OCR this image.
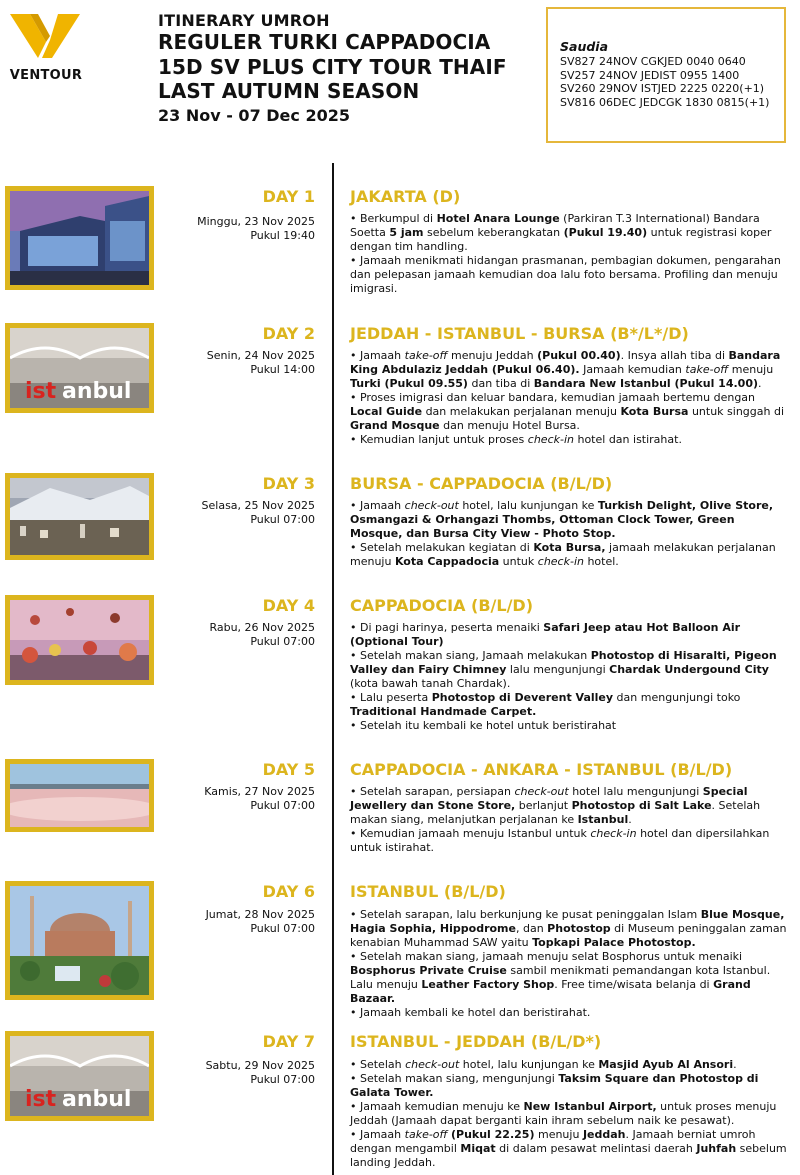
VENTOUR
ITINERARY UMROH
REGULER TURKI CAPPADOCIA
15D SV PLUS CITY TOUR THAIF
LAST AUTUMN SEASON
23 Nov - 07 Dec 2025
Saudia
SV827 24NOV CGKJED 0040 0640
SV257 24NOV JEDIST 0955 1400
SV260 29NOV ISTJED 2225 0220(+1)
SV816 06DEC JEDCGK 1830 0815(+1)
DAY 1
Minggu, 23 Nov 2025
Pukul 19:40
JAKARTA (D)

• Berkumpul di Hotel Anara Lounge (Parkiran T.3 International) Bandara Soetta 5 jam sebelum keberangkatan (Pukul 19.40) untuk registrasi koper dengan tim handling.

• Jamaah menikmati hidangan prasmanan, pembagian dokumen, pengarahan dan pelepasan jamaah kemudian doa lalu foto bersama. Profiling dan menuju imigrasi.

ist anbul
DAY 2
Senin, 24 Nov 2025
Pukul 14:00
JEDDAH - ISTANBUL - BURSA (B*/L*/D)

• Jamaah take-off menuju Jeddah (Pukul 00.40). Insya allah tiba di Bandara King Abdulaziz Jeddah (Pukul 06.40). Jamaah kemudian take-off menuju Turki (Pukul 09.55) dan tiba di Bandara New Istanbul (Pukul 14.00).

• Proses imigrasi dan keluar bandara, kemudian jamaah bertemu dengan Local Guide dan melakukan perjalanan menuju Kota Bursa untuk singgah di Grand Mosque dan menuju Hotel Bursa.

• Kemudian lanjut untuk proses check-in hotel dan istirahat.

DAY 3
Selasa, 25 Nov 2025
Pukul 07:00
BURSA - CAPPADOCIA (B/L/D)

• Jamaah check-out hotel, lalu kunjungan ke Turkish Delight, Olive Store, Osmangazi & Orhangazi Thombs, Ottoman Clock Tower, Green Mosque, dan Bursa City View - Photo Stop.

• Setelah melakukan kegiatan di Kota Bursa, jamaah melakukan perjalanan menuju Kota Cappadocia untuk check-in hotel.

DAY 4
Rabu, 26 Nov 2025
Pukul 07:00
CAPPADOCIA (B/L/D)

• Di pagi harinya, peserta menaiki Safari Jeep atau Hot Balloon Air (Optional Tour)

• Setelah makan siang, Jamaah melakukan Photostop di Hisaralti, Pigeon Valley dan Fairy Chimney lalu mengunjungi Chardak Undergound City (kota bawah tanah Chardak).

• Lalu peserta Photostop di Deverent Valley dan mengunjungi toko Traditional Handmade Carpet.

• Setelah itu kembali ke hotel untuk beristirahat

DAY 5
Kamis, 27 Nov 2025
Pukul 07:00
CAPPADOCIA - ANKARA - ISTANBUL (B/L/D)

• Setelah sarapan, persiapan check-out hotel lalu mengunjungi Special Jewellery dan Stone Store, berlanjut Photostop di Salt Lake. Setelah makan siang, melanjutkan perjalanan ke Istanbul.

• Kemudian jamaah menuju Istanbul untuk check-in hotel dan dipersilahkan untuk istirahat.

DAY 6
Jumat, 28 Nov 2025
Pukul 07:00
ISTANBUL (B/L/D)

• Setelah sarapan, lalu berkunjung ke pusat peninggalan Islam Blue Mosque, Hagia Sophia, Hippodrome, dan Photostop di Museum peninggalan zaman kenabian Muhammad SAW yaitu Topkapi Palace Photostop.

• Setelah makan siang, jamaah menuju selat Bosphorus untuk menaiki Bosphorus Private Cruise sambil menikmati pemandangan kota Istanbul. Lalu menuju Leather Factory Shop. Free time/wisata belanja di Grand Bazaar.

• Jamaah kembali ke hotel dan beristirahat.

ist anbul
DAY 7
Sabtu, 29 Nov 2025
Pukul 07:00
ISTANBUL - JEDDAH (B/L/D*)

• Setelah check-out hotel, lalu kunjungan ke Masjid Ayub Al Ansori.

• Setelah makan siang, mengunjungi Taksim Square dan Photostop di Galata Tower.

• Jamaah kemudian menuju ke New Istanbul Airport, untuk proses menuju Jeddah (Jamaah dapat berganti kain ihram sebelum naik ke pesawat).

• Jamaah take-off (Pukul 22.25) menuju Jeddah. Jamaah berniat umroh dengan mengambil Miqat di dalam pesawat melintasi daerah Juhfah sebelum landing Jeddah.
